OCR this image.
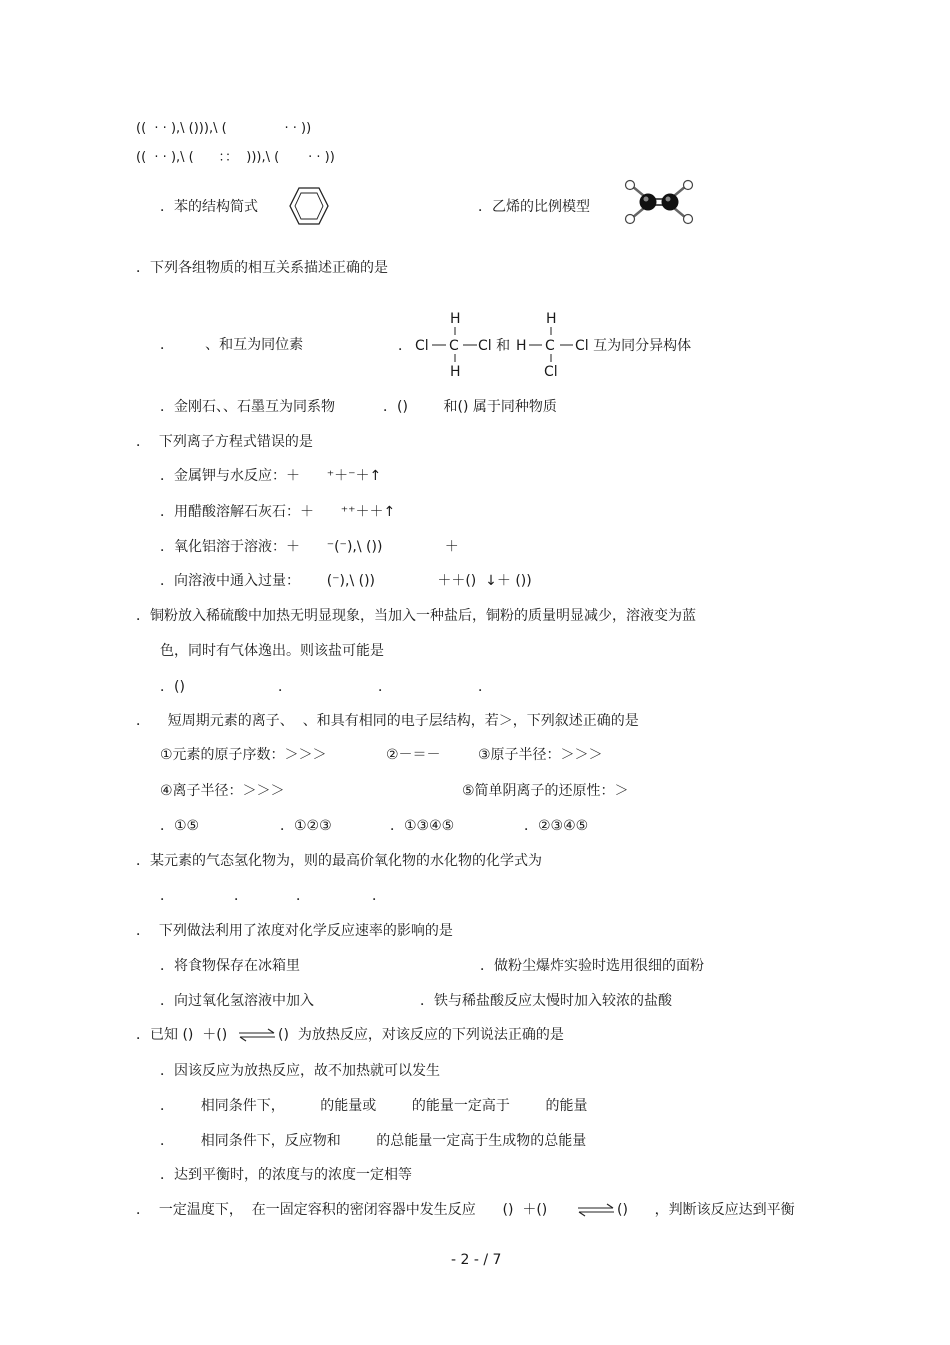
((  · · ),\ ())),\ (              · · ))
((  · · ),\ (      ：：  ))),\ (       · · ))
．苯的结构简式	．乙烯的比例模型
．下列各组物质的相互关系描述正确的是
．       、和互为同位素	．
H
Cl C Cl 和
H
H
H C Cl 互为同分异构体
Cl
．金刚石、、石墨互为同系物	．()        和() 属于同种物质
．  下列离子方程式错误的是
．金属钾与水反应：＋      ⁺＋⁻＋↑
．用醋酸溶解石灰石：＋      ⁺⁺＋＋↑
．氧化铝溶于溶液：＋      ⁻(⁻),\ ())              ＋
．向溶液中通入过量：      (⁻),\ ())              ＋＋()  ↓＋ ())
．铜粉放入稀硫酸中加热无明显现象，当加入一种盐后，铜粉的质量明显减少，溶液变为蓝
色，同时有气体逸出。则该盐可能是
．()	．	．	．
．    短周期元素的离子、  、和具有相同的电子层结构，若＞，下列叙述正确的是
①元素的原子序数：＞＞＞	②－＝－	③原子半径：＞＞＞
④离子半径：＞＞＞	⑤简单阴离子的还原性：＞
．①⑤	．①②③	．①③④⑤	．②③④⑤
．某元素的气态氢化物为，则的最高价氧化物的水化物的化学式为
．	．	．	．
．  下列做法利用了浓度对化学反应速率的影响的是
．将食物保存在冰箱里	．做粉尘爆炸实验时选用很细的面粉
．向过氧化氢溶液中加入	．铁与稀盐酸反应太慢时加入较浓的盐酸
．已知 ()  ＋() ⇌ ()  为放热反应，对该反应的下列说法正确的是
．因该反应为放热反应，故不加热就可以发生
．      相同条件下，        的能量或        的能量一定高于        的能量
．      相同条件下，反应物和        的总能量一定高于生成物的总能量
．达到平衡时，的浓度与的浓度一定相等
．  一定温度下，  在一固定容积的密闭容器中发生反应      ()  ＋() ⇌ ()      ，判断该反应达到平衡
- 2 - / 7
